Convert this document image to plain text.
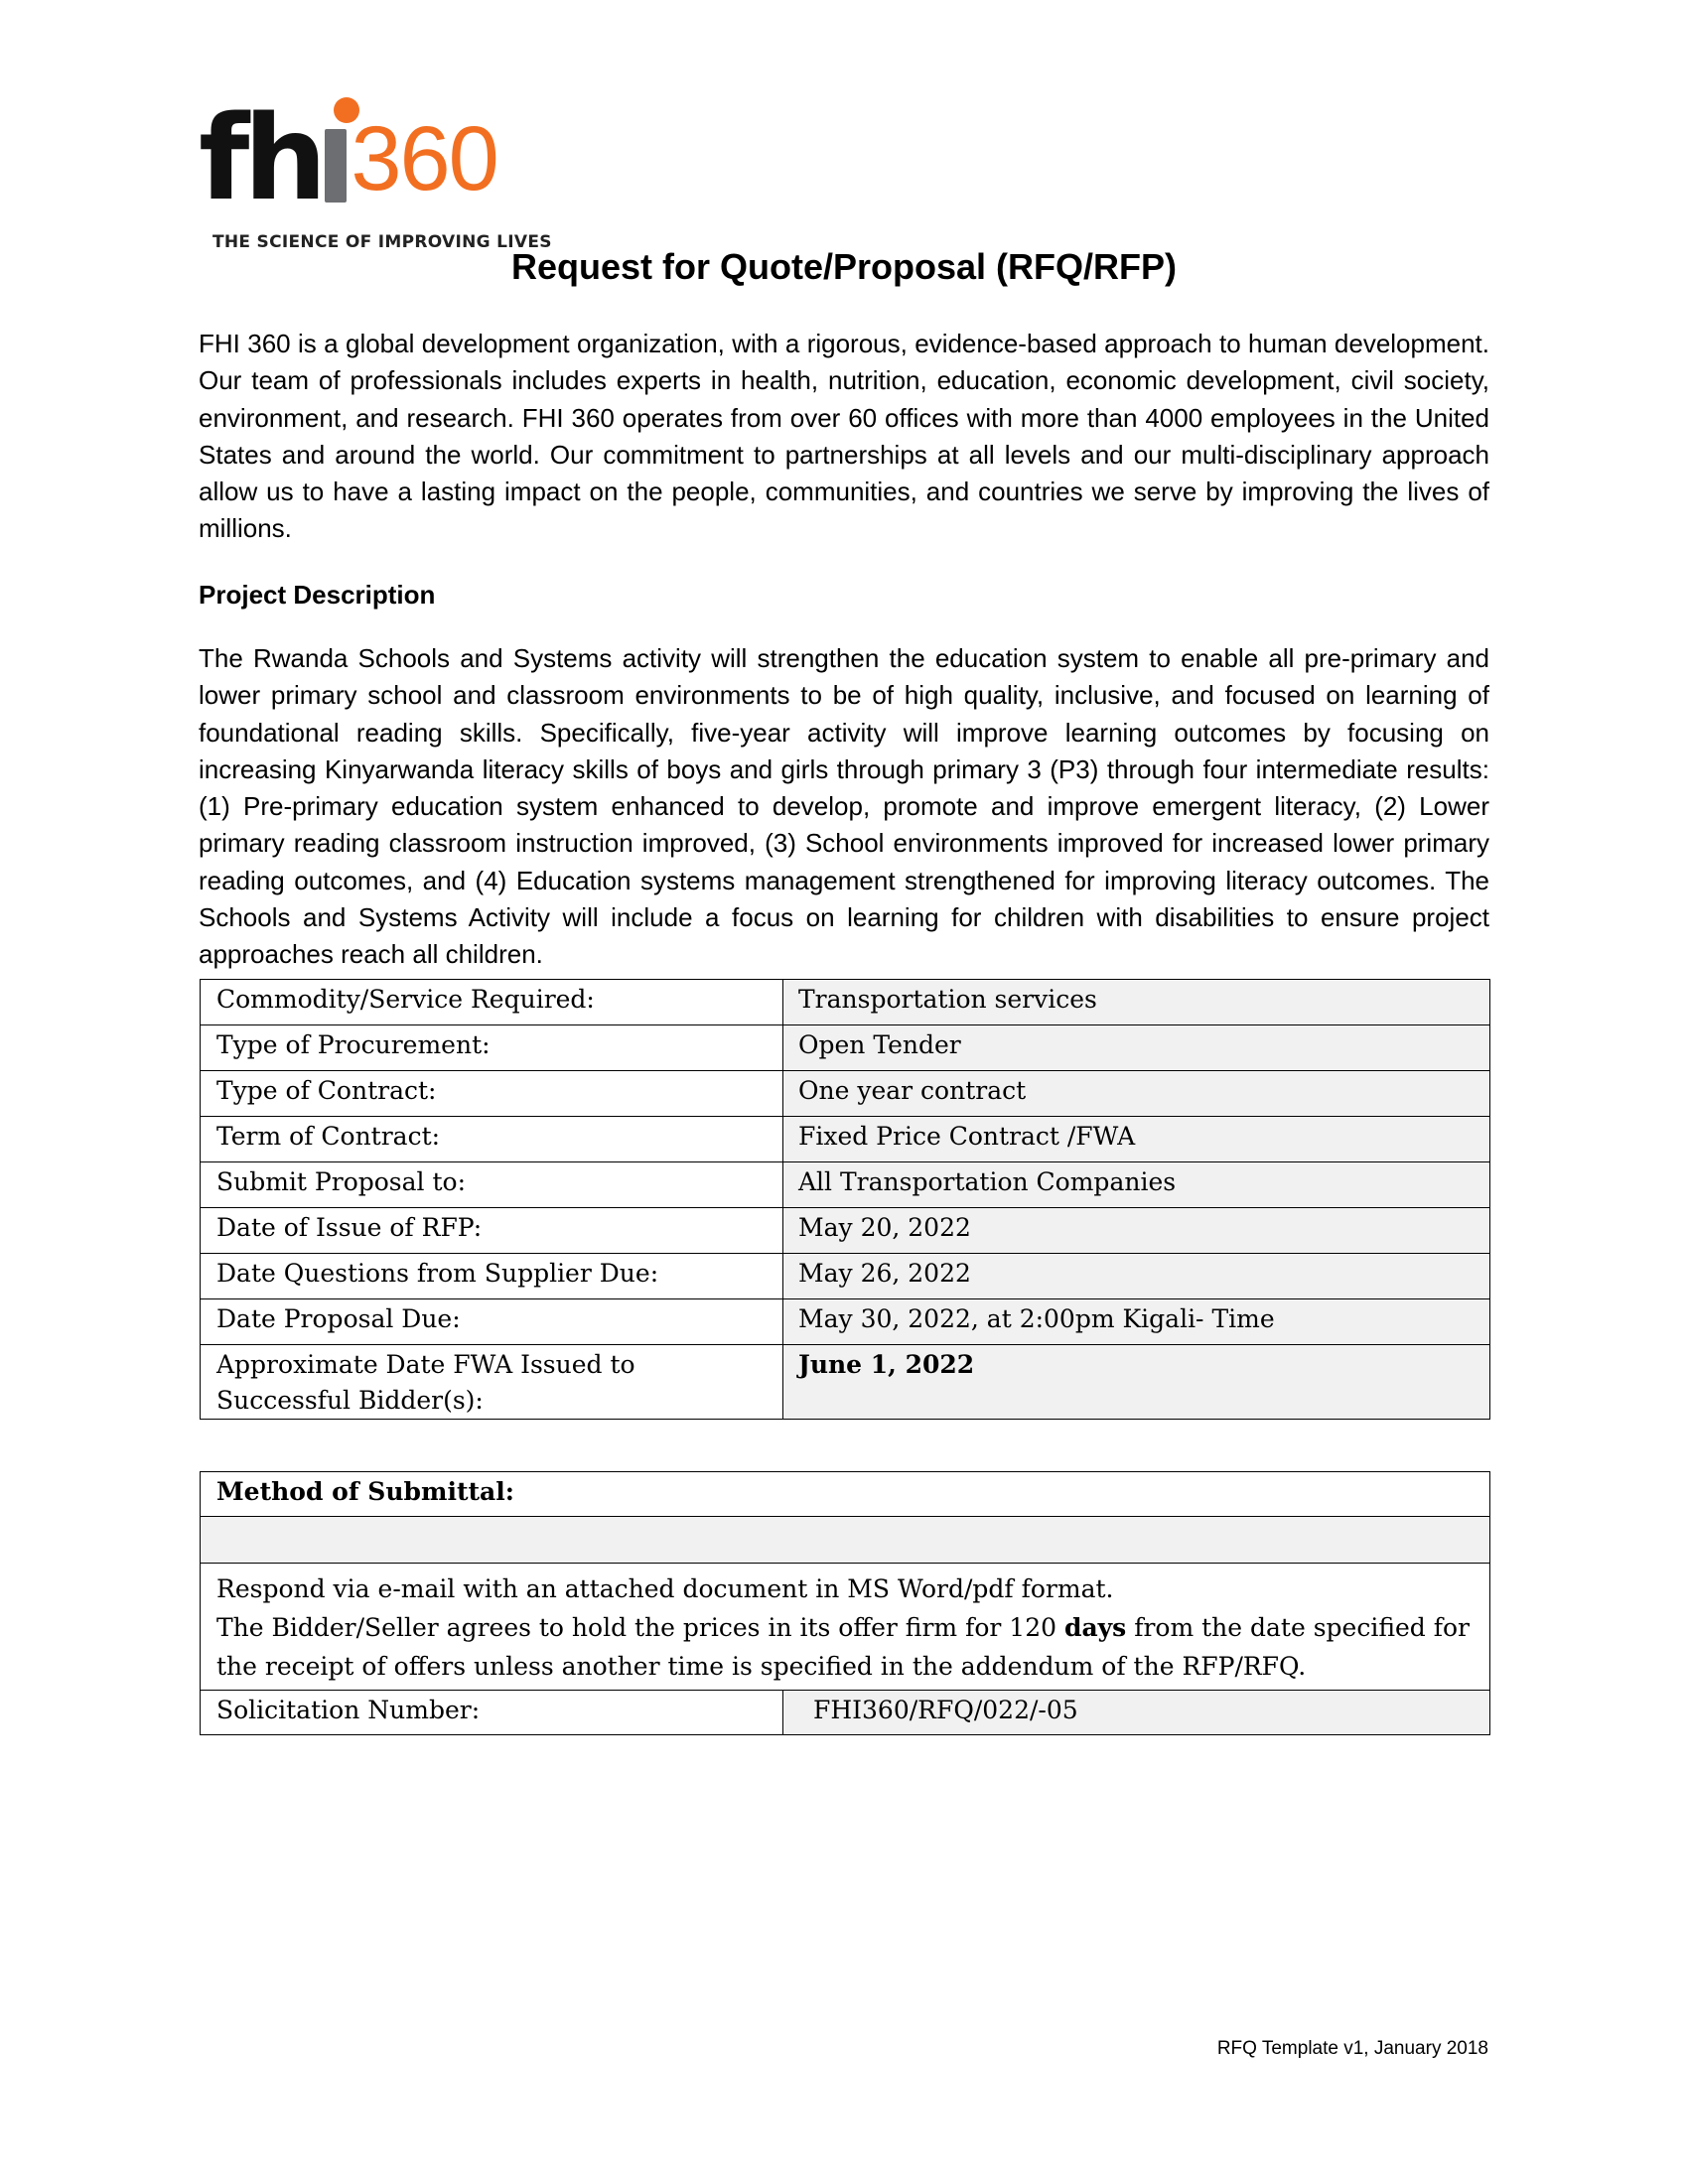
fh 360
THE SCIENCE OF IMPROVING LIVES
Request for Quote/Proposal (RFQ/RFP)
FHI 360 is a global development organization, with a rigorous, evidence-based approach to human development. Our team of professionals includes experts in health, nutrition, education, economic development, civil society, environment, and research. FHI 360 operates from over 60 offices with more than 4000 employees in the United States and around the world. Our commitment to partnerships at all levels and our multi-disciplinary approach allow us to have a lasting impact on the people, communities, and countries we serve by improving the lives of millions.
Project Description
The Rwanda Schools and Systems activity will strengthen the education system to enable all pre-primary and lower primary school and classroom environments to be of high quality, inclusive, and focused on learning of foundational reading skills. Specifically, five-year activity will improve learning outcomes by focusing on increasing Kinyarwanda literacy skills of boys and girls through primary 3 (P3) through four intermediate results: (1) Pre-primary education system enhanced to develop, promote and improve emergent literacy, (2) Lower primary reading classroom instruction improved, (3) School environments improved for increased lower primary reading outcomes, and (4) Education systems management strengthened for improving literacy outcomes. The Schools and Systems Activity will include a focus on learning for children with disabilities to ensure project approaches reach all children.
Commodity/Service Required:	Transportation services
Type of Procurement:	Open Tender
Type of Contract:	One year contract
Term of Contract:	Fixed Price Contract /FWA
Submit Proposal to:	All Transportation Companies
Date of Issue of RFP:	May 20, 2022
Date Questions from Supplier Due:	May 26, 2022
Date Proposal Due:	May 30, 2022, at 2:00pm Kigali- Time
Approximate Date FWA Issued to Successful Bidder(s):	June 1, 2022
Method of Submittal:

Respond via e-mail with an attached document in MS Word/pdf format.

The Bidder/Seller agrees to hold the prices in its offer firm for 120 days from the date specified for the receipt of offers unless another time is specified in the addendum of the RFP/RFQ.

Solicitation Number:	FHI360/RFQ/022/-05
RFQ Template v1, January 2018
